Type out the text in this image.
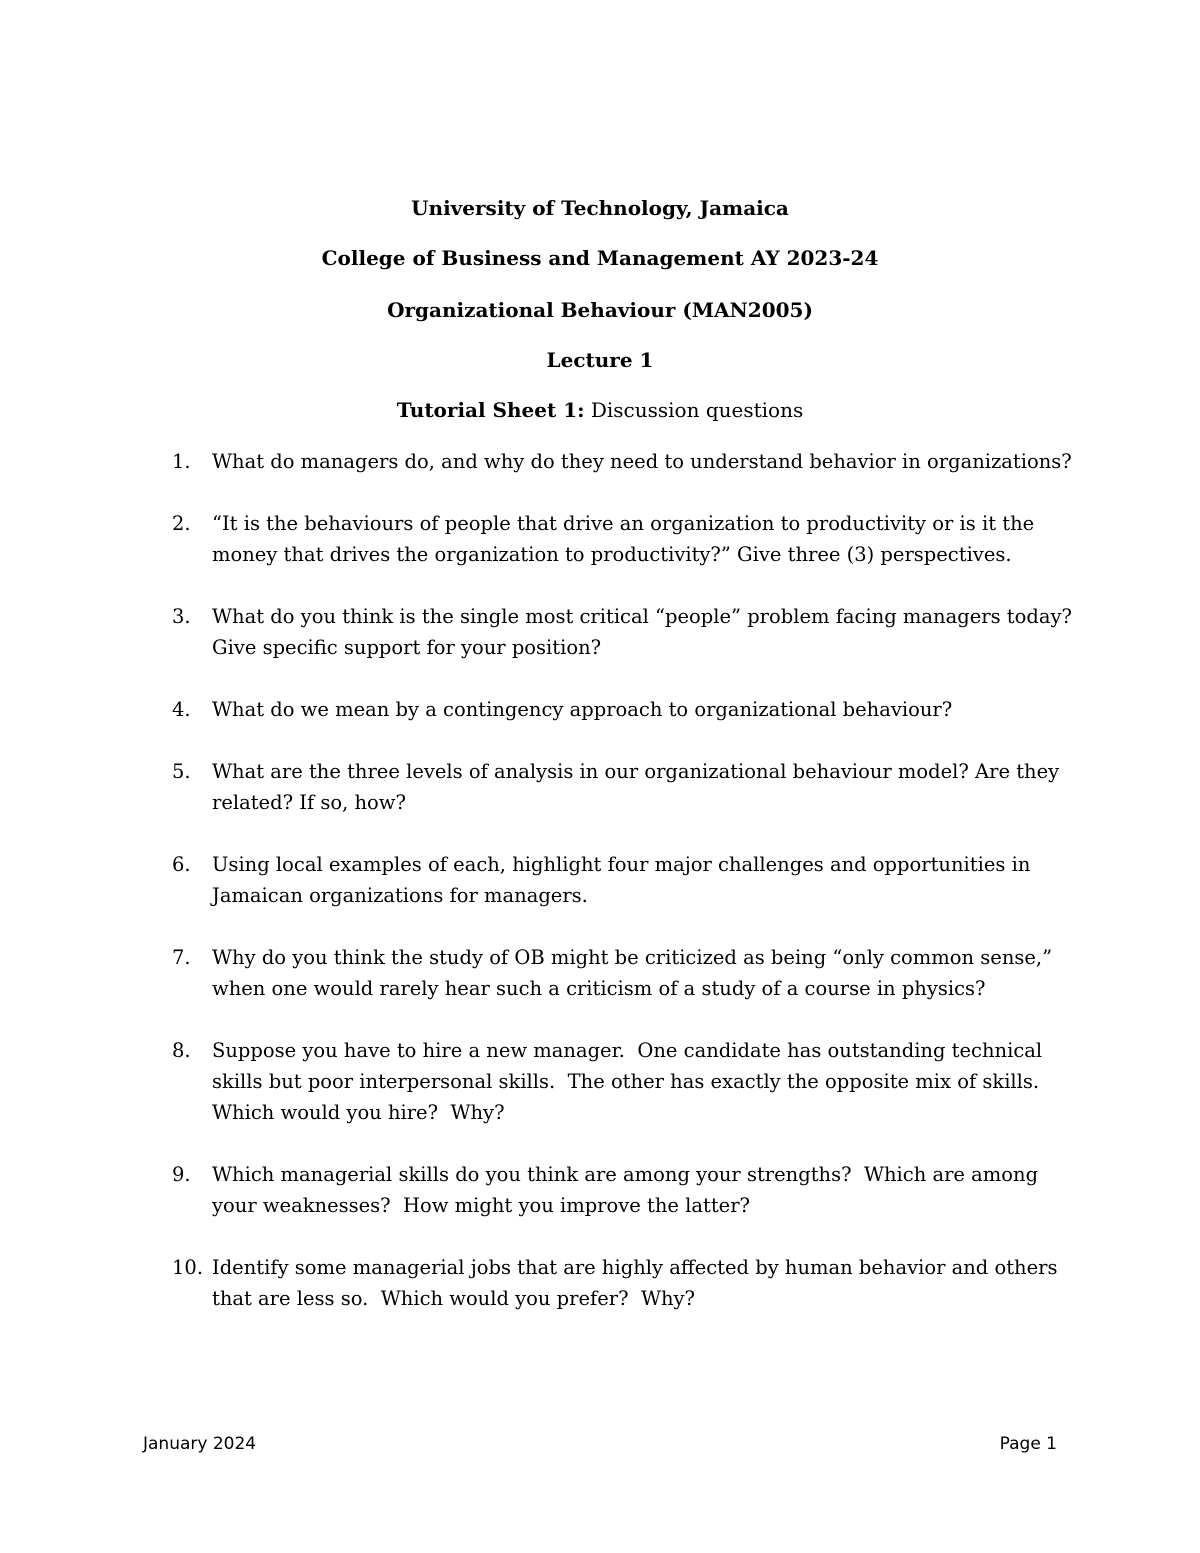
University of Technology, Jamaica
College of Business and Management AY 2023-24
Organizational Behaviour (MAN2005)
Lecture 1
Tutorial Sheet 1: Discussion questions
1. What do managers do, and why do they need to understand behavior in organizations?
2. “It is the behaviours of people that drive an organization to productivity or is it the money that drives the organization to productivity?” Give three (3) perspectives.
3. What do you think is the single most critical “people” problem facing managers today? Give specific support for your position?
4. What do we mean by a contingency approach to organizational behaviour?
5. What are the three levels of analysis in our organizational behaviour model? Are they related? If so, how?
6. Using local examples of each, highlight four major challenges and opportunities in Jamaican organizations for managers.
7. Why do you think the study of OB might be criticized as being “only common sense,” when one would rarely hear such a criticism of a study of a course in physics?
8. Suppose you have to hire a new manager.  One candidate has outstanding technical skills but poor interpersonal skills.  The other has exactly the opposite mix of skills.  Which would you hire?  Why?
9. Which managerial skills do you think are among your strengths?  Which are among your weaknesses?  How might you improve the latter?
10. Identify some managerial jobs that are highly affected by human behavior and others that are less so.  Which would you prefer?  Why?
January 2024	Page 1
